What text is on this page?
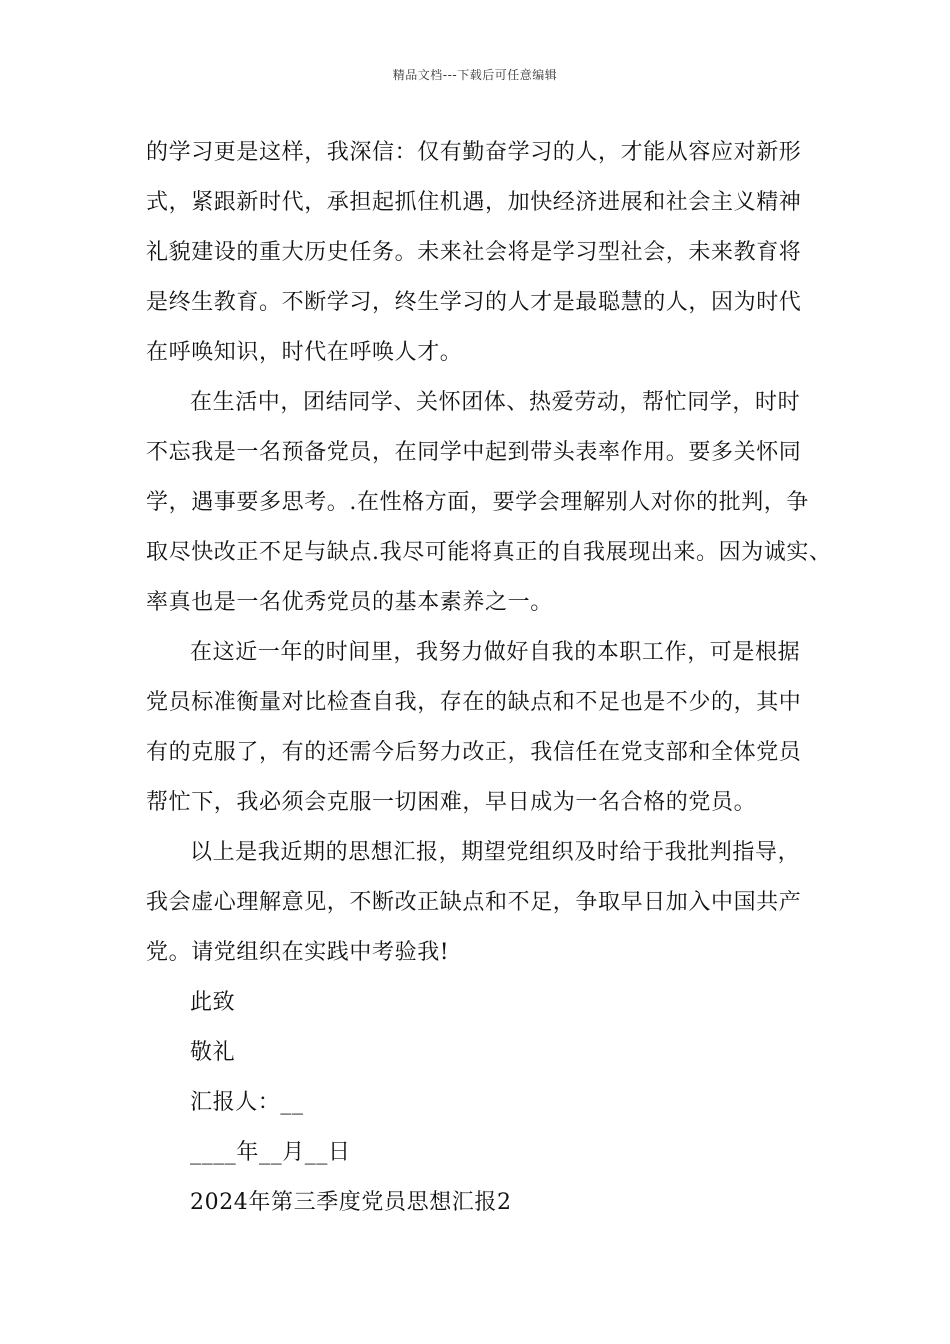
精品文档---下载后可任意编辑
的学习更是这样，我深信：仅有勤奋学习的人，才能从容应对新形
式，紧跟新时代，承担起抓住机遇，加快经济进展和社会主义精神
礼貌建设的重大历史任务。未来社会将是学习型社会，未来教育将
是终生教育。不断学习，终生学习的人才是最聪慧的人，因为时代
在呼唤知识，时代在呼唤人才。
在生活中，团结同学、关怀团体、热爱劳动，帮忙同学，时时
不忘我是一名预备党员，在同学中起到带头表率作用。要多关怀同
学，遇事要多思考。.在性格方面，要学会理解别人对你的批判，争
取尽快改正不足与缺点.我尽可能将真正的自我展现出来。因为诚实、
率真也是一名优秀党员的基本素养之一。
在这近一年的时间里，我努力做好自我的本职工作，可是根据
党员标准衡量对比检查自我，存在的缺点和不足也是不少的，其中
有的克服了，有的还需今后努力改正，我信任在党支部和全体党员
帮忙下，我必须会克服一切困难，早日成为一名合格的党员。
以上是我近期的思想汇报，期望党组织及时给于我批判指导，
我会虚心理解意见，不断改正缺点和不足，争取早日加入中国共产
党。请党组织在实践中考验我!
此致
敬礼
汇报人：__
____年__月__日
2024年第三季度党员思想汇报2
